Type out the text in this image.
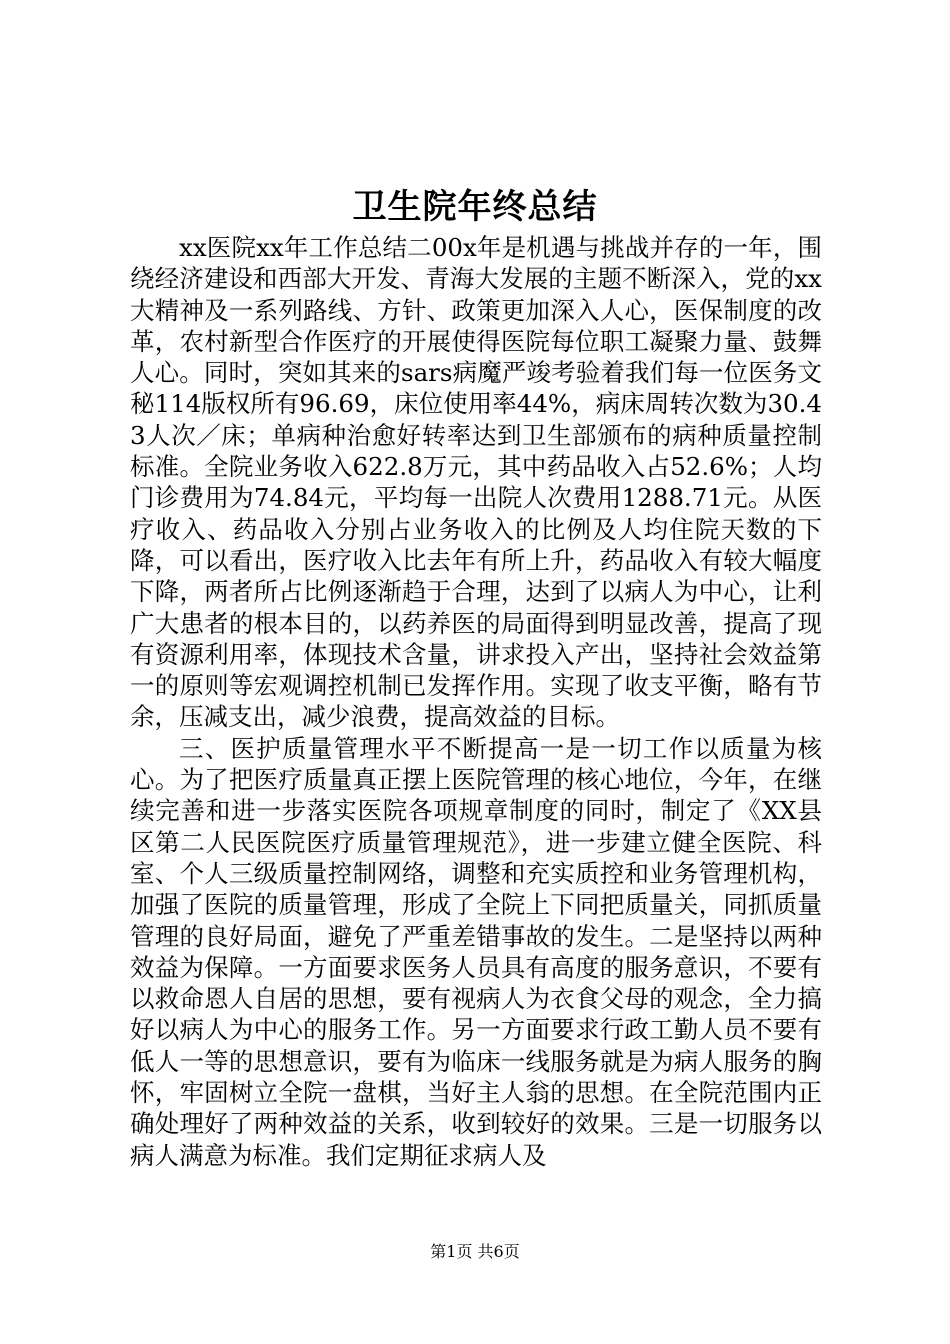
卫生院年终总结

xx医院xx年工作总结二00x年是机遇与挑战并存的一年，围绕经济建设和西部大开发、青海大发展的主题不断深入，党的xx大精神及一系列路线、方针、政策更加深入人心，医保制度的改革，农村新型合作医疗的开展使得医院每位职工凝聚力量、鼓舞人心。同时，突如其来的sars病魔严竣考验着我们每一位医务文秘114版权所有96.69，床位使用率44%，病床周转次数为30.43人次／床；单病种治愈好转率达到卫生部颁布的病种质量控制标准。全院业务收入622.8万元，其中药品收入占52.6%；人均门诊费用为74.84元，平均每一出院人次费用1288.71元。从医疗收入、药品收入分别占业务收入的比例及人均住院天数的下降，可以看出，医疗收入比去年有所上升，药品收入有较大幅度下降，两者所占比例逐渐趋于合理，达到了以病人为中心，让利广大患者的根本目的，以药养医的局面得到明显改善，提高了现有资源利用率，体现技术含量，讲求投入产出，坚持社会效益第一的原则等宏观调控机制已发挥作用。实现了收支平衡，略有节余，压减支出，减少浪费，提高效益的目标。

三、医护质量管理水平不断提高一是一切工作以质量为核心。为了把医疗质量真正摆上医院管理的核心地位，今年，在继续完善和进一步落实医院各项规章制度的同时，制定了《XX县区第二人民医院医疗质量管理规范》，进一步建立健全医院、科室、个人三级质量控制网络，调整和充实质控和业务管理机构，加强了医院的质量管理，形成了全院上下同把质量关，同抓质量管理的良好局面，避免了严重差错事故的发生。二是坚持以两种效益为保障。一方面要求医务人员具有高度的服务意识，不要有以救命恩人自居的思想，要有视病人为衣食父母的观念，全力搞好以病人为中心的服务工作。另一方面要求行政工勤人员不要有低人一等的思想意识，要有为临床一线服务就是为病人服务的胸怀，牢固树立全院一盘棋，当好主人翁的思想。在全院范围内正确处理好了两种效益的关系，收到较好的效果。三是一切服务以病人满意为标准。我们定期征求病人及

第1页 共6页
